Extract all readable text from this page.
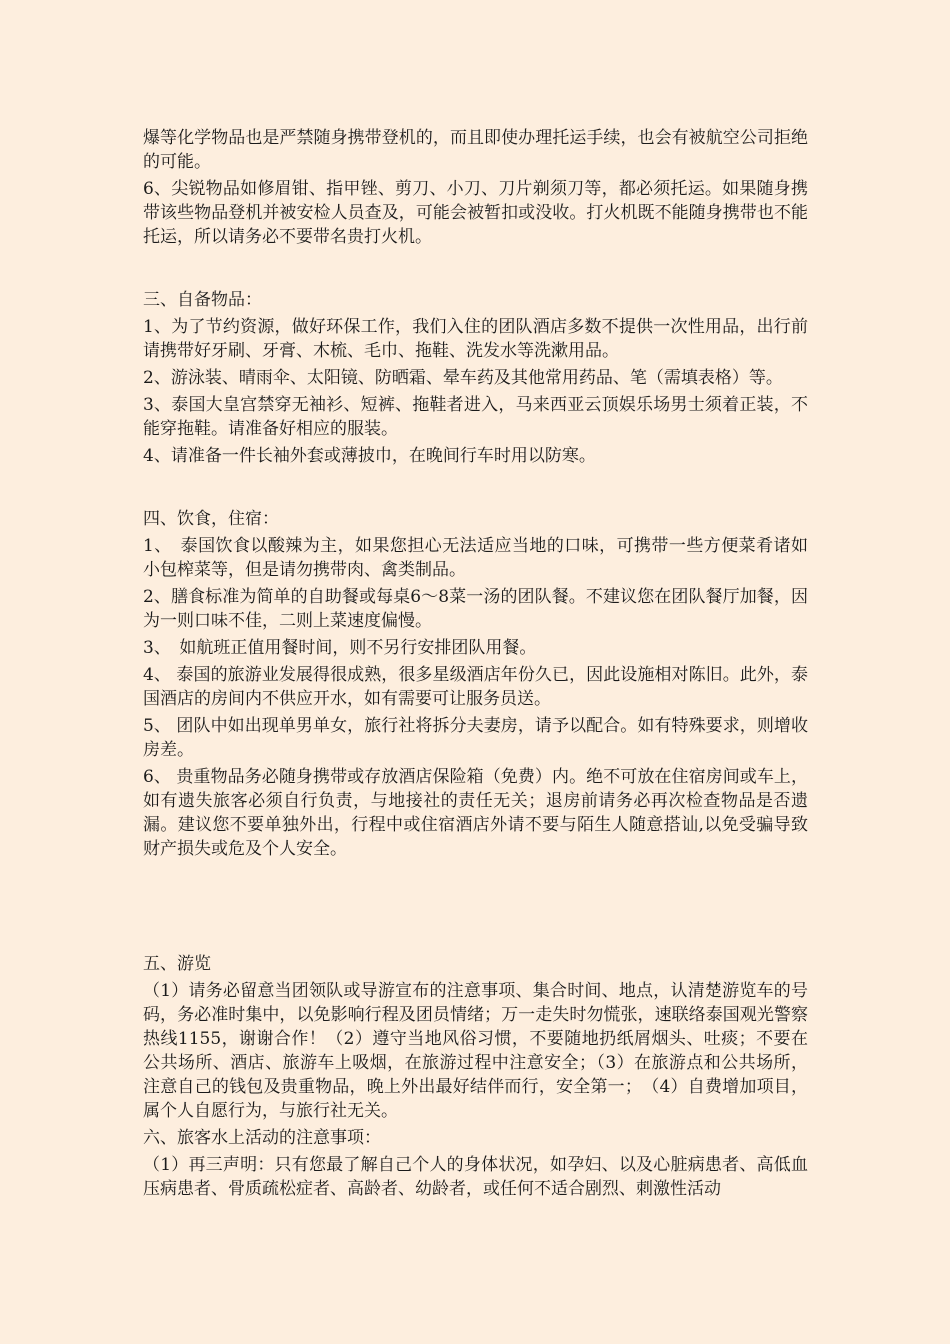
爆等化学物品也是严禁随身携带登机的，而且即使办理托运手续，也会有被航空公司拒绝的可能。

6、尖锐物品如修眉钳、指甲锉、剪刀、小刀、刀片剃须刀等，都必须托运。如果随身携带该些物品登机并被安检人员查及，可能会被暂扣或没收。打火机既不能随身携带也不能托运，所以请务必不要带名贵打火机。

三、自备物品：

1、为了节约资源，做好环保工作，我们入住的团队酒店多数不提供一次性用品，出行前请携带好牙刷、牙膏、木梳、毛巾、拖鞋、洗发水等洗漱用品。

2、游泳装、晴雨伞、太阳镜、防晒霜、晕车药及其他常用药品、笔（需填表格）等。

3、泰国大皇宫禁穿无袖衫、短裤、拖鞋者进入，马来西亚云顶娱乐场男士须着正装，不能穿拖鞋。请准备好相应的服装。

4、请准备一件长袖外套或薄披巾，在晚间行车时用以防寒。

四、饮食，住宿：

1、　泰国饮食以酸辣为主，如果您担心无法适应当地的口味，可携带一些方便菜肴诸如小包榨菜等，但是请勿携带肉、禽类制品。

2、膳食标准为简单的自助餐或每桌6～8菜一汤的团队餐。不建议您在团队餐厅加餐，因为一则口味不佳，二则上菜速度偏慢。

3、　如航班正值用餐时间，则不另行安排团队用餐。

4、 泰国的旅游业发展得很成熟，很多星级酒店年份久已，因此设施相对陈旧。此外，泰国酒店的房间内不供应开水，如有需要可让服务员送。

5、 团队中如出现单男单女，旅行社将拆分夫妻房，请予以配合。如有特殊要求，则增收房差。

6、 贵重物品务必随身携带或存放酒店保险箱（免费）内。绝不可放在住宿房间或车上，如有遗失旅客必须自行负责，与地接社的责任无关；退房前请务必再次检查物品是否遗漏。建议您不要单独外出，行程中或住宿酒店外请不要与陌生人随意搭讪,以免受骗导致财产损失或危及个人安全。

五、游览

（1）请务必留意当团领队或导游宣布的注意事项、集合时间、地点，认清楚游览车的号码，务必准时集中，以免影响行程及团员情绪；万一走失时勿慌张，速联络泰国观光警察热线1155，谢谢合作！（2）遵守当地风俗习惯，不要随地扔纸屑烟头、吐痰；不要在公共场所、酒店、旅游车上吸烟，在旅游过程中注意安全；（3）在旅游点和公共场所，注意自己的钱包及贵重物品，晚上外出最好结伴而行，安全第一；　（4）自费增加项目，属个人自愿行为，与旅行社无关。

六、旅客水上活动的注意事项：

（1）再三声明：只有您最了解自己个人的身体状况，如孕妇、以及心脏病患者、高低血压病患者、骨质疏松症者、高龄者、幼龄者，或任何不适合剧烈、刺激性活动
